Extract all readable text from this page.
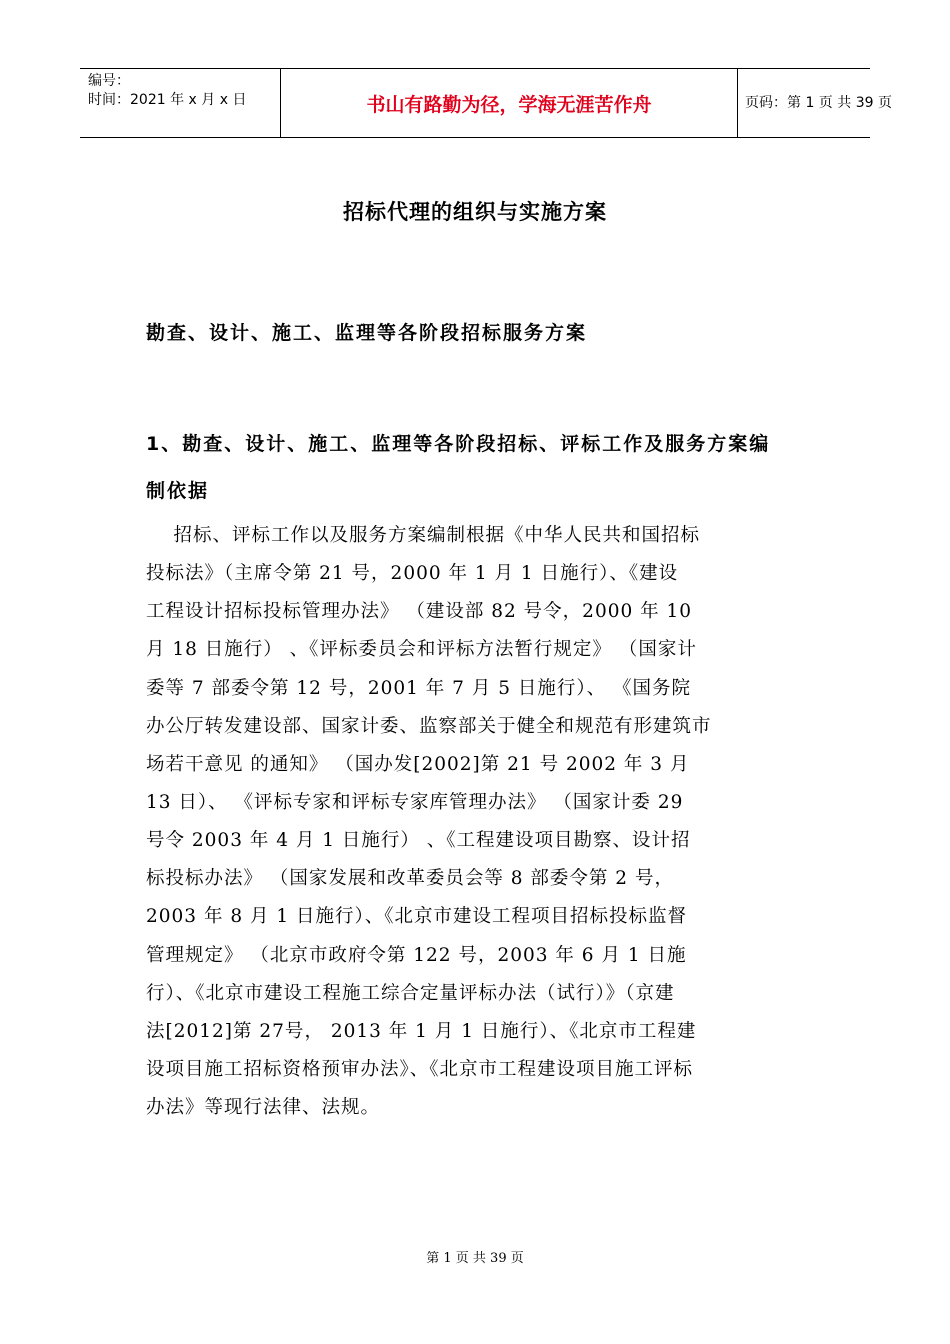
编号：
时间：2021 年 x 月 x 日	书山有路勤为径，学海无涯苦作舟	页码：第 1 页 共 39 页
招标代理的组织与实施方案
勘查、设计、施工、监理等各阶段招标服务方案
1、勘查、设计、施工、监理等各阶段招标、评标工作及服务方案编
制依据
招标、评标工作以及服务方案编制根据《中华人民共和国招标
投标法》（主席令第 21 号，2000 年 1 月 1 日施行）、《建设
工程设计招标投标管理办法》 （建设部 82 号令，2000 年 10
月 18 日施行） 、《评标委员会和评标方法暂行规定》 （国家计
委等 7 部委令第 12 号，2001 年 7 月 5 日施行）、 《国务院
办公厅转发建设部、国家计委、监察部关于健全和规范有形建筑市
场若干意见 的通知》 （国办发[2002]第 21 号 2002 年 3 月
13 日）、 《评标专家和评标专家库管理办法》 （国家计委 29
号令 2003 年 4 月 1 日施行） 、《工程建设项目勘察、设计招
标投标办法》 （国家发展和改革委员会等 8 部委令第 2 号，
2003 年 8 月 1 日施行）、《北京市建设工程项目招标投标监督
管理规定》 （北京市政府令第 122 号，2003 年 6 月 1 日施
行）、《北京市建设工程施工综合定量评标办法（试行）》（京建
法[2012]第 27号， 2013 年 1 月 1 日施行）、《北京市工程建
设项目施工招标资格预审办法》、《北京市工程建设项目施工评标
办法》等现行法律、法规。
第 1 页 共 39 页
